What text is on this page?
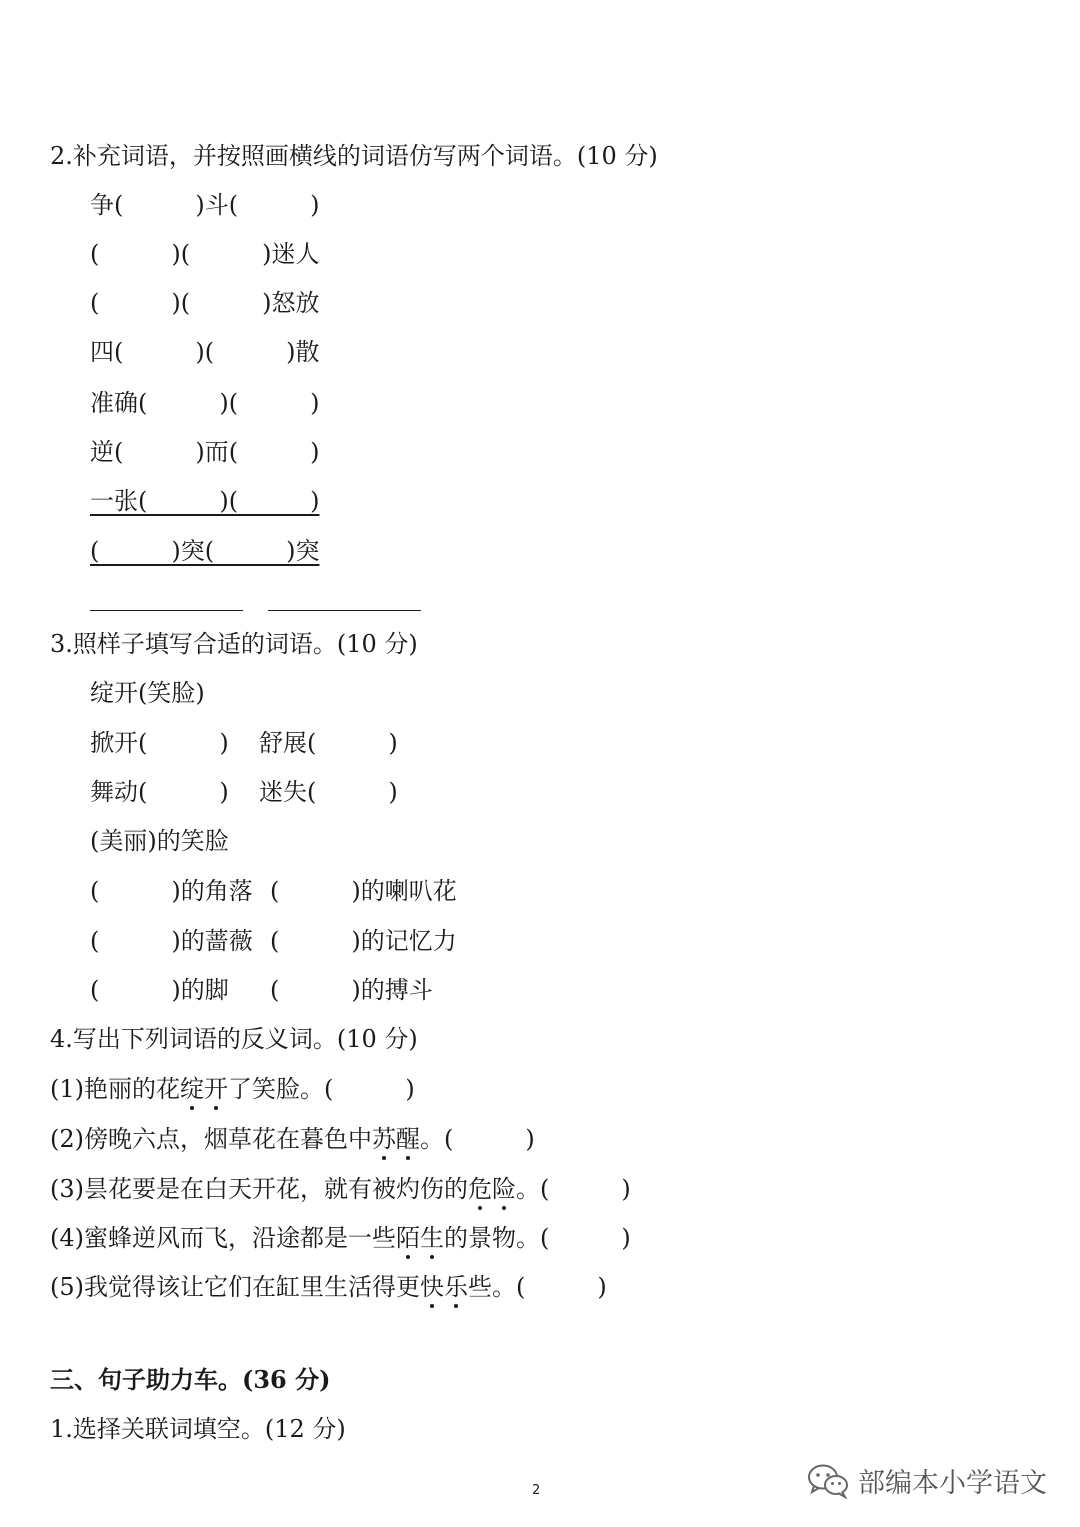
2.补充词语，并按照画横线的词语仿写两个词语。(10 分)
争(　　　)斗(　　　)
(　　　)(　　　)迷人
(　　　)(　　　)怒放
四(　　　)(　　　)散
准确(　　　)(　　　)
逆(　　　)而(　　　)
一张(　　　)(　　　)
(　　　)突(　　　)突
3.照样子填写合适的词语。(10 分)
绽开(笑脸)
掀开(　　　) 舒展(　　　)
舞动(　　　) 迷失(　　　)
(美丽)的笑脸
(　　　)的角落 (　　　)的喇叭花
(　　　)的蔷薇 (　　　)的记忆力
(　　　)的脚 (　　　)的搏斗
4.写出下列词语的反义词。(10 分)
(1)艳丽的花绽开了笑脸。(　　　)
(2)傍晚六点，烟草花在暮色中苏醒。(　　　)
(3)昙花要是在白天开花，就有被灼伤的危险。(　　　)
(4)蜜蜂逆风而飞，沿途都是一些陌生的景物。(　　　)
(5)我觉得该让它们在缸里生活得更快乐些。(　　　)
三、句子助力车。(36 分)
1.选择关联词填空。(12 分)
2	部编本小学语文
